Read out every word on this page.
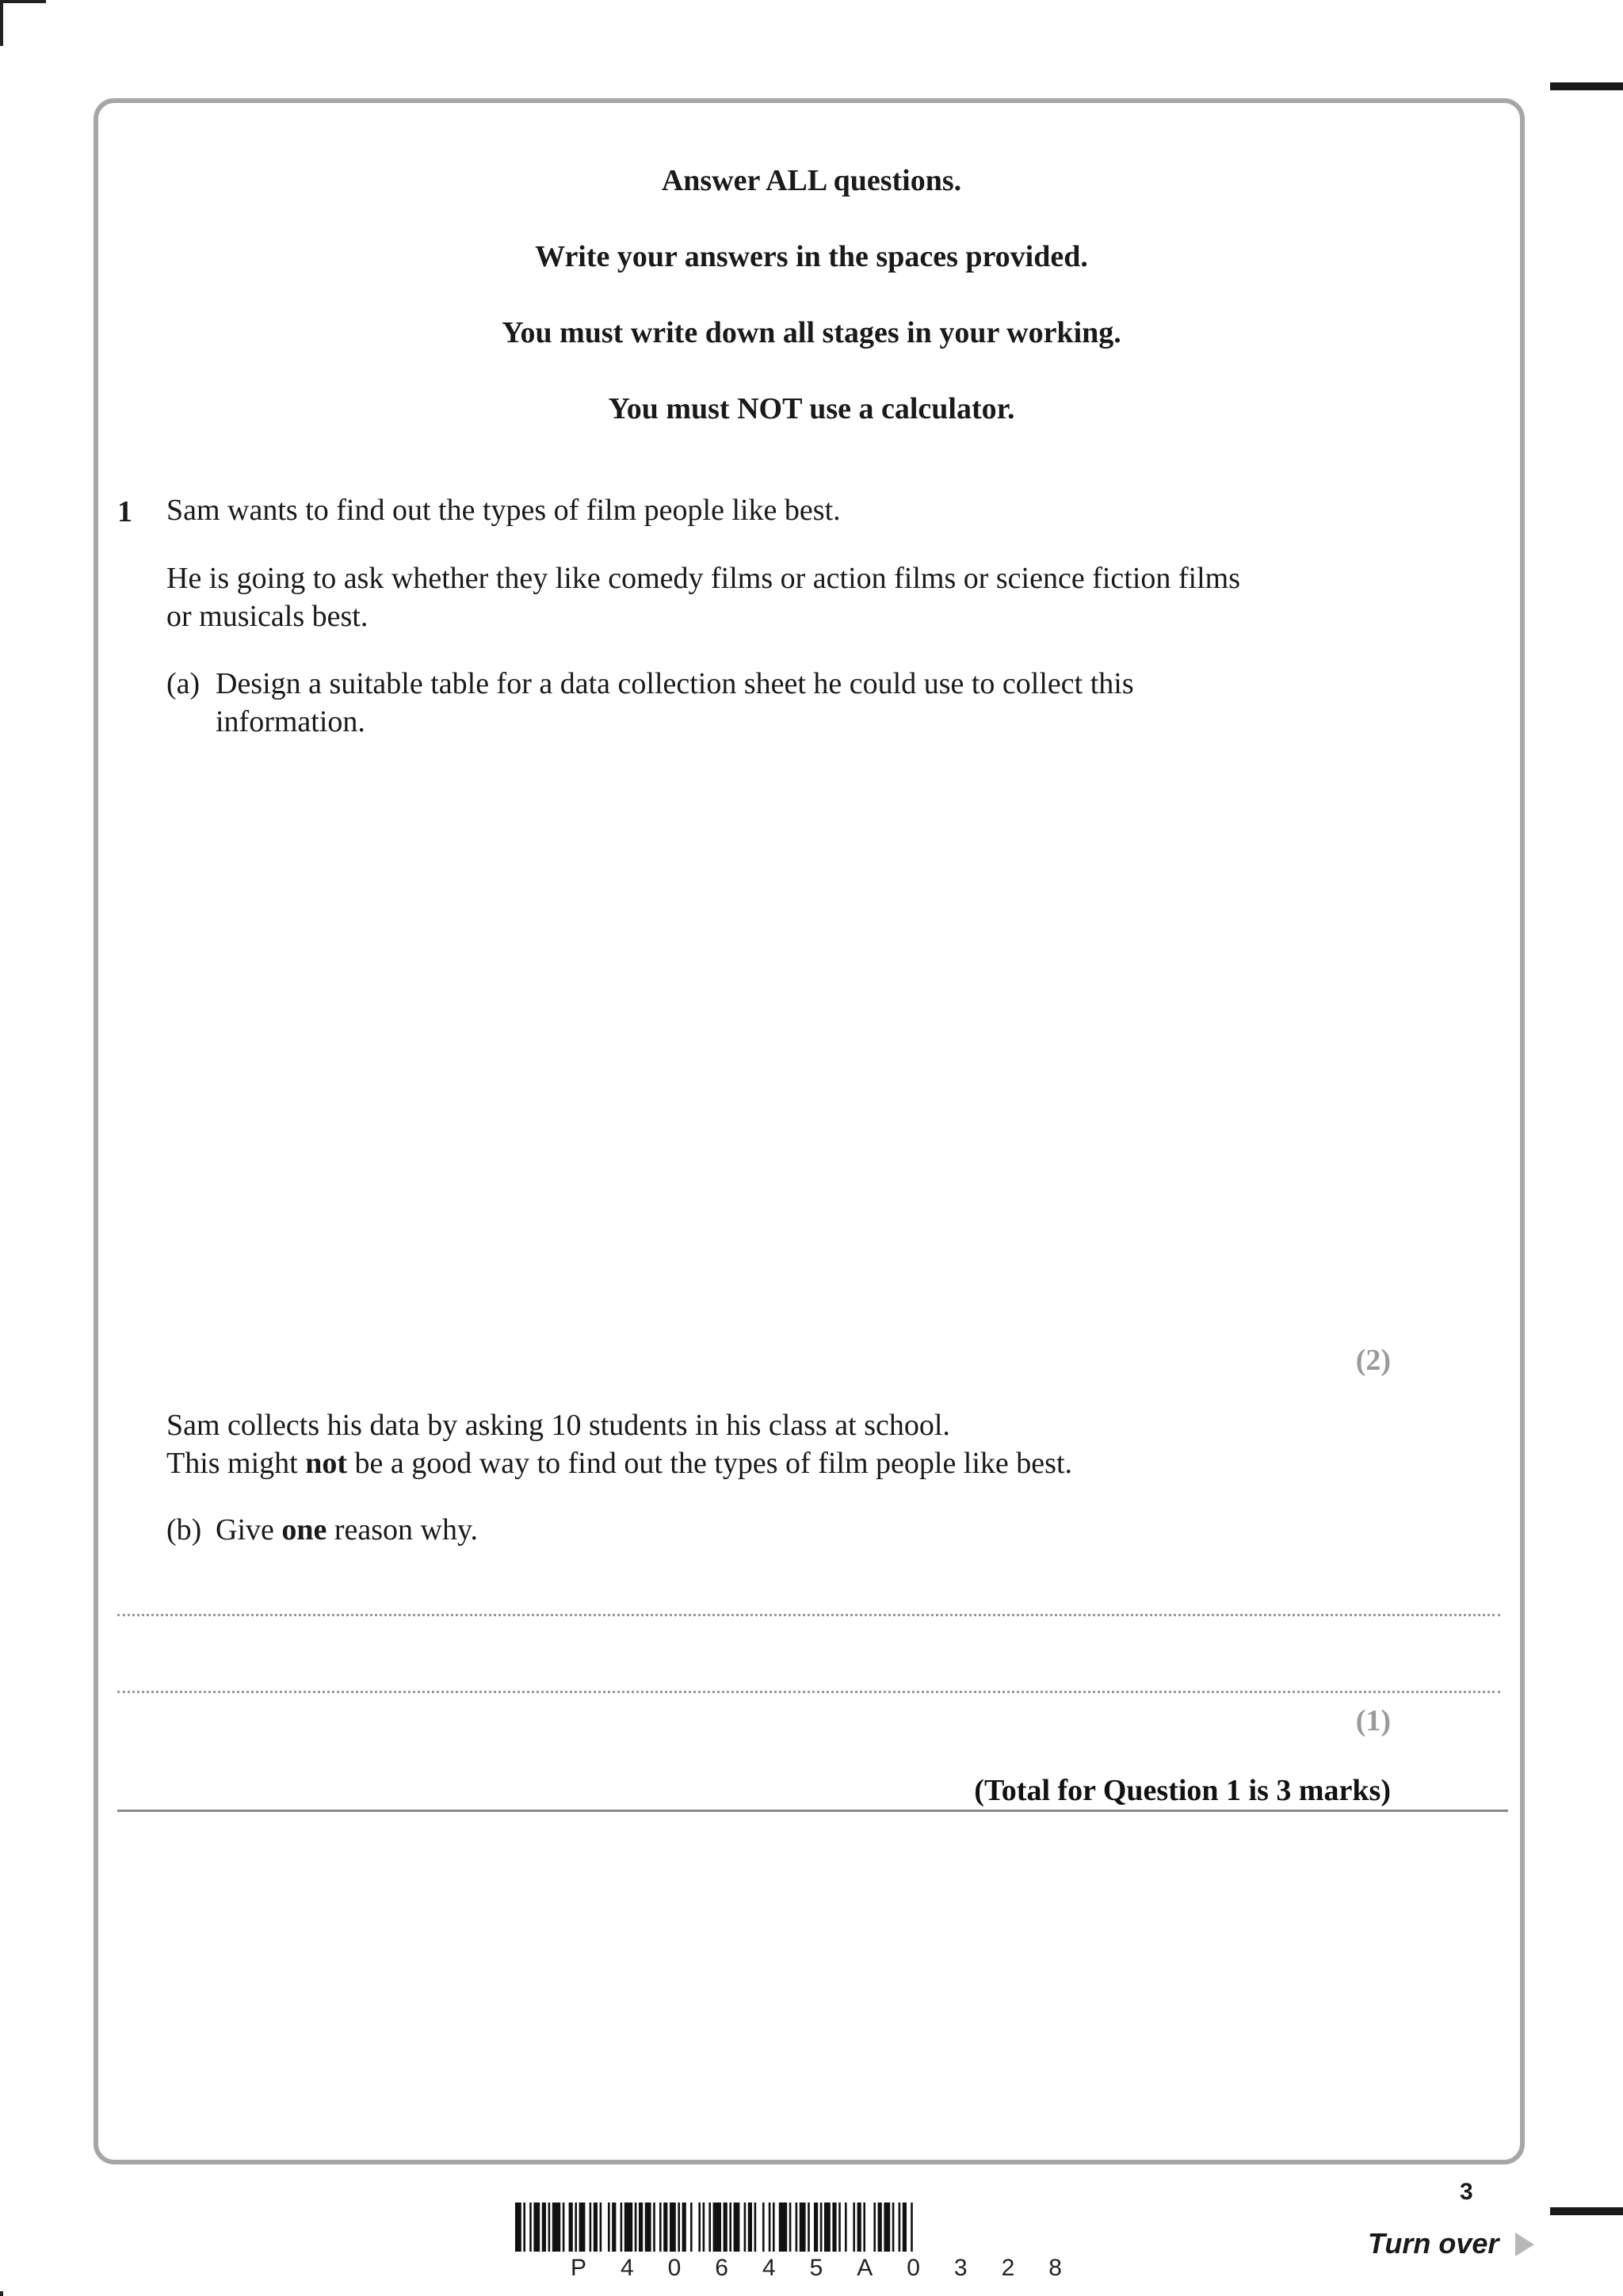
Answer ALL questions.
Write your answers in the spaces provided.
You must write down all stages in your working.
You must NOT use a calculator.
1 Sam wants to find out the types of film people like best.
He is going to ask whether they like comedy films or action films or science fiction films
or musicals best.
(a) Design a suitable table for a data collection sheet he could use to collect this
information.
(2)
Sam collects his data by asking 10 students in his class at school.
This might not be a good way to find out the types of film people like best.
(b) Give one reason why.
(1)
(Total for Question 1 is 3 marks)
P 4 0 6 4 5 A 0 3 2 8
3
Turn over
